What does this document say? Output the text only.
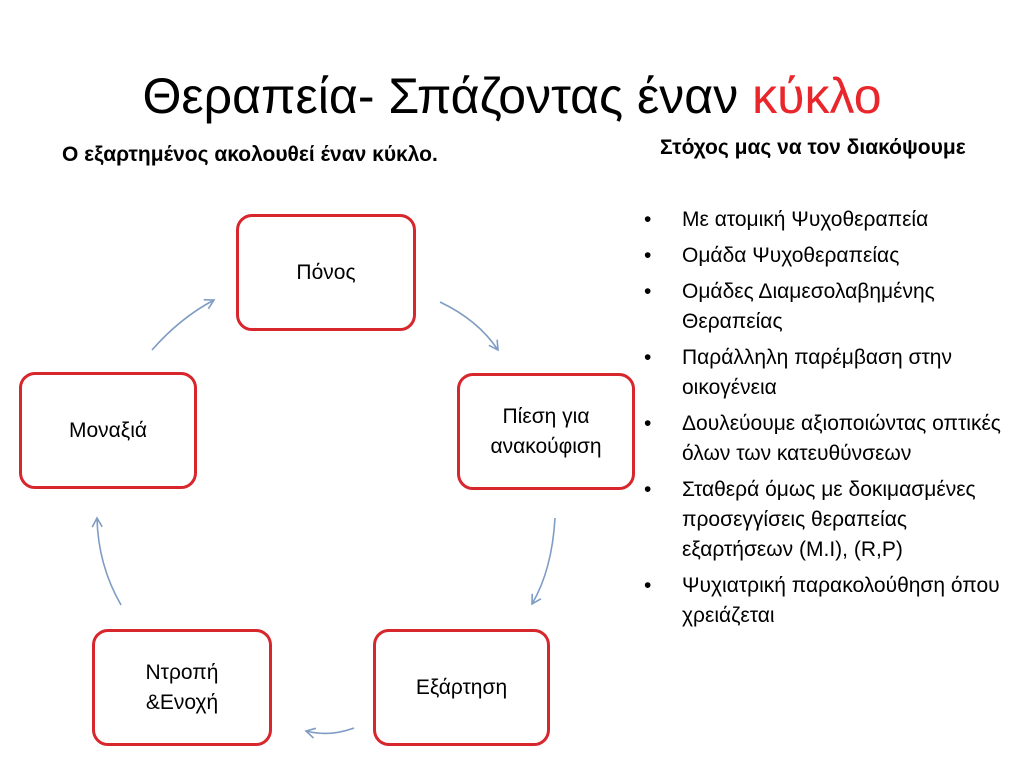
Θεραπεία- Σπάζοντας έναν κύκλο
Ο εξαρτημένος ακολουθεί έναν κύκλο.	Στόχος μας να τον διακόψουμε
Πόνος
Πίεση για
ανακούφιση
Εξάρτηση
Ντροπή
&Ενοχή
Μοναξιά
• Με ατομική Ψυχοθεραπεία
• Ομάδα Ψυχοθεραπείας
• Ομάδες Διαμεσολαβημένης Θεραπείας
• Παράλληλη παρέμβαση στην οικογένεια
• Δουλεύουμε αξιοποιώντας οπτικές όλων των κατευθύνσεων
• Σταθερά όμως με δοκιμασμένες προσεγγίσεις θεραπείας εξαρτήσεων (Μ.Ι), (R,P)
• Ψυχιατρική παρακολούθηση όπου χρειάζεται
